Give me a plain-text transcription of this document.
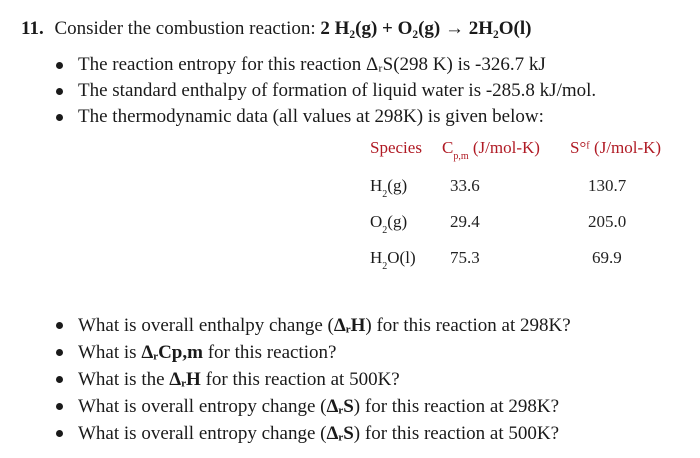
11. Consider the combustion reaction: 2 H₂(g) + O₂(g) → 2H₂O(l)
The reaction entropy for this reaction ΔᵣS(298 K) is -326.7 kJ
The standard enthalpy of formation of liquid water is -285.8 kJ/mol.
The thermodynamic data (all values at 298K) is given below:
Species $C_{p,m}$ (J/mol-K) S°ᶠ (J/mol-K)
$H_2(g)$	33.6	130.7
$O_2(g)$	29.4	205.0
$H_2O(l)$ 75.3	69.9
What is overall enthalpy change (ΔᵣH) for this reaction at 298K?
What is ΔᵣCp,m for this reaction?
What is the ΔᵣH for this reaction at 500K?
What is overall entropy change (ΔᵣS) for this reaction at 298K?
What is overall entropy change (ΔᵣS) for this reaction at 500K?
